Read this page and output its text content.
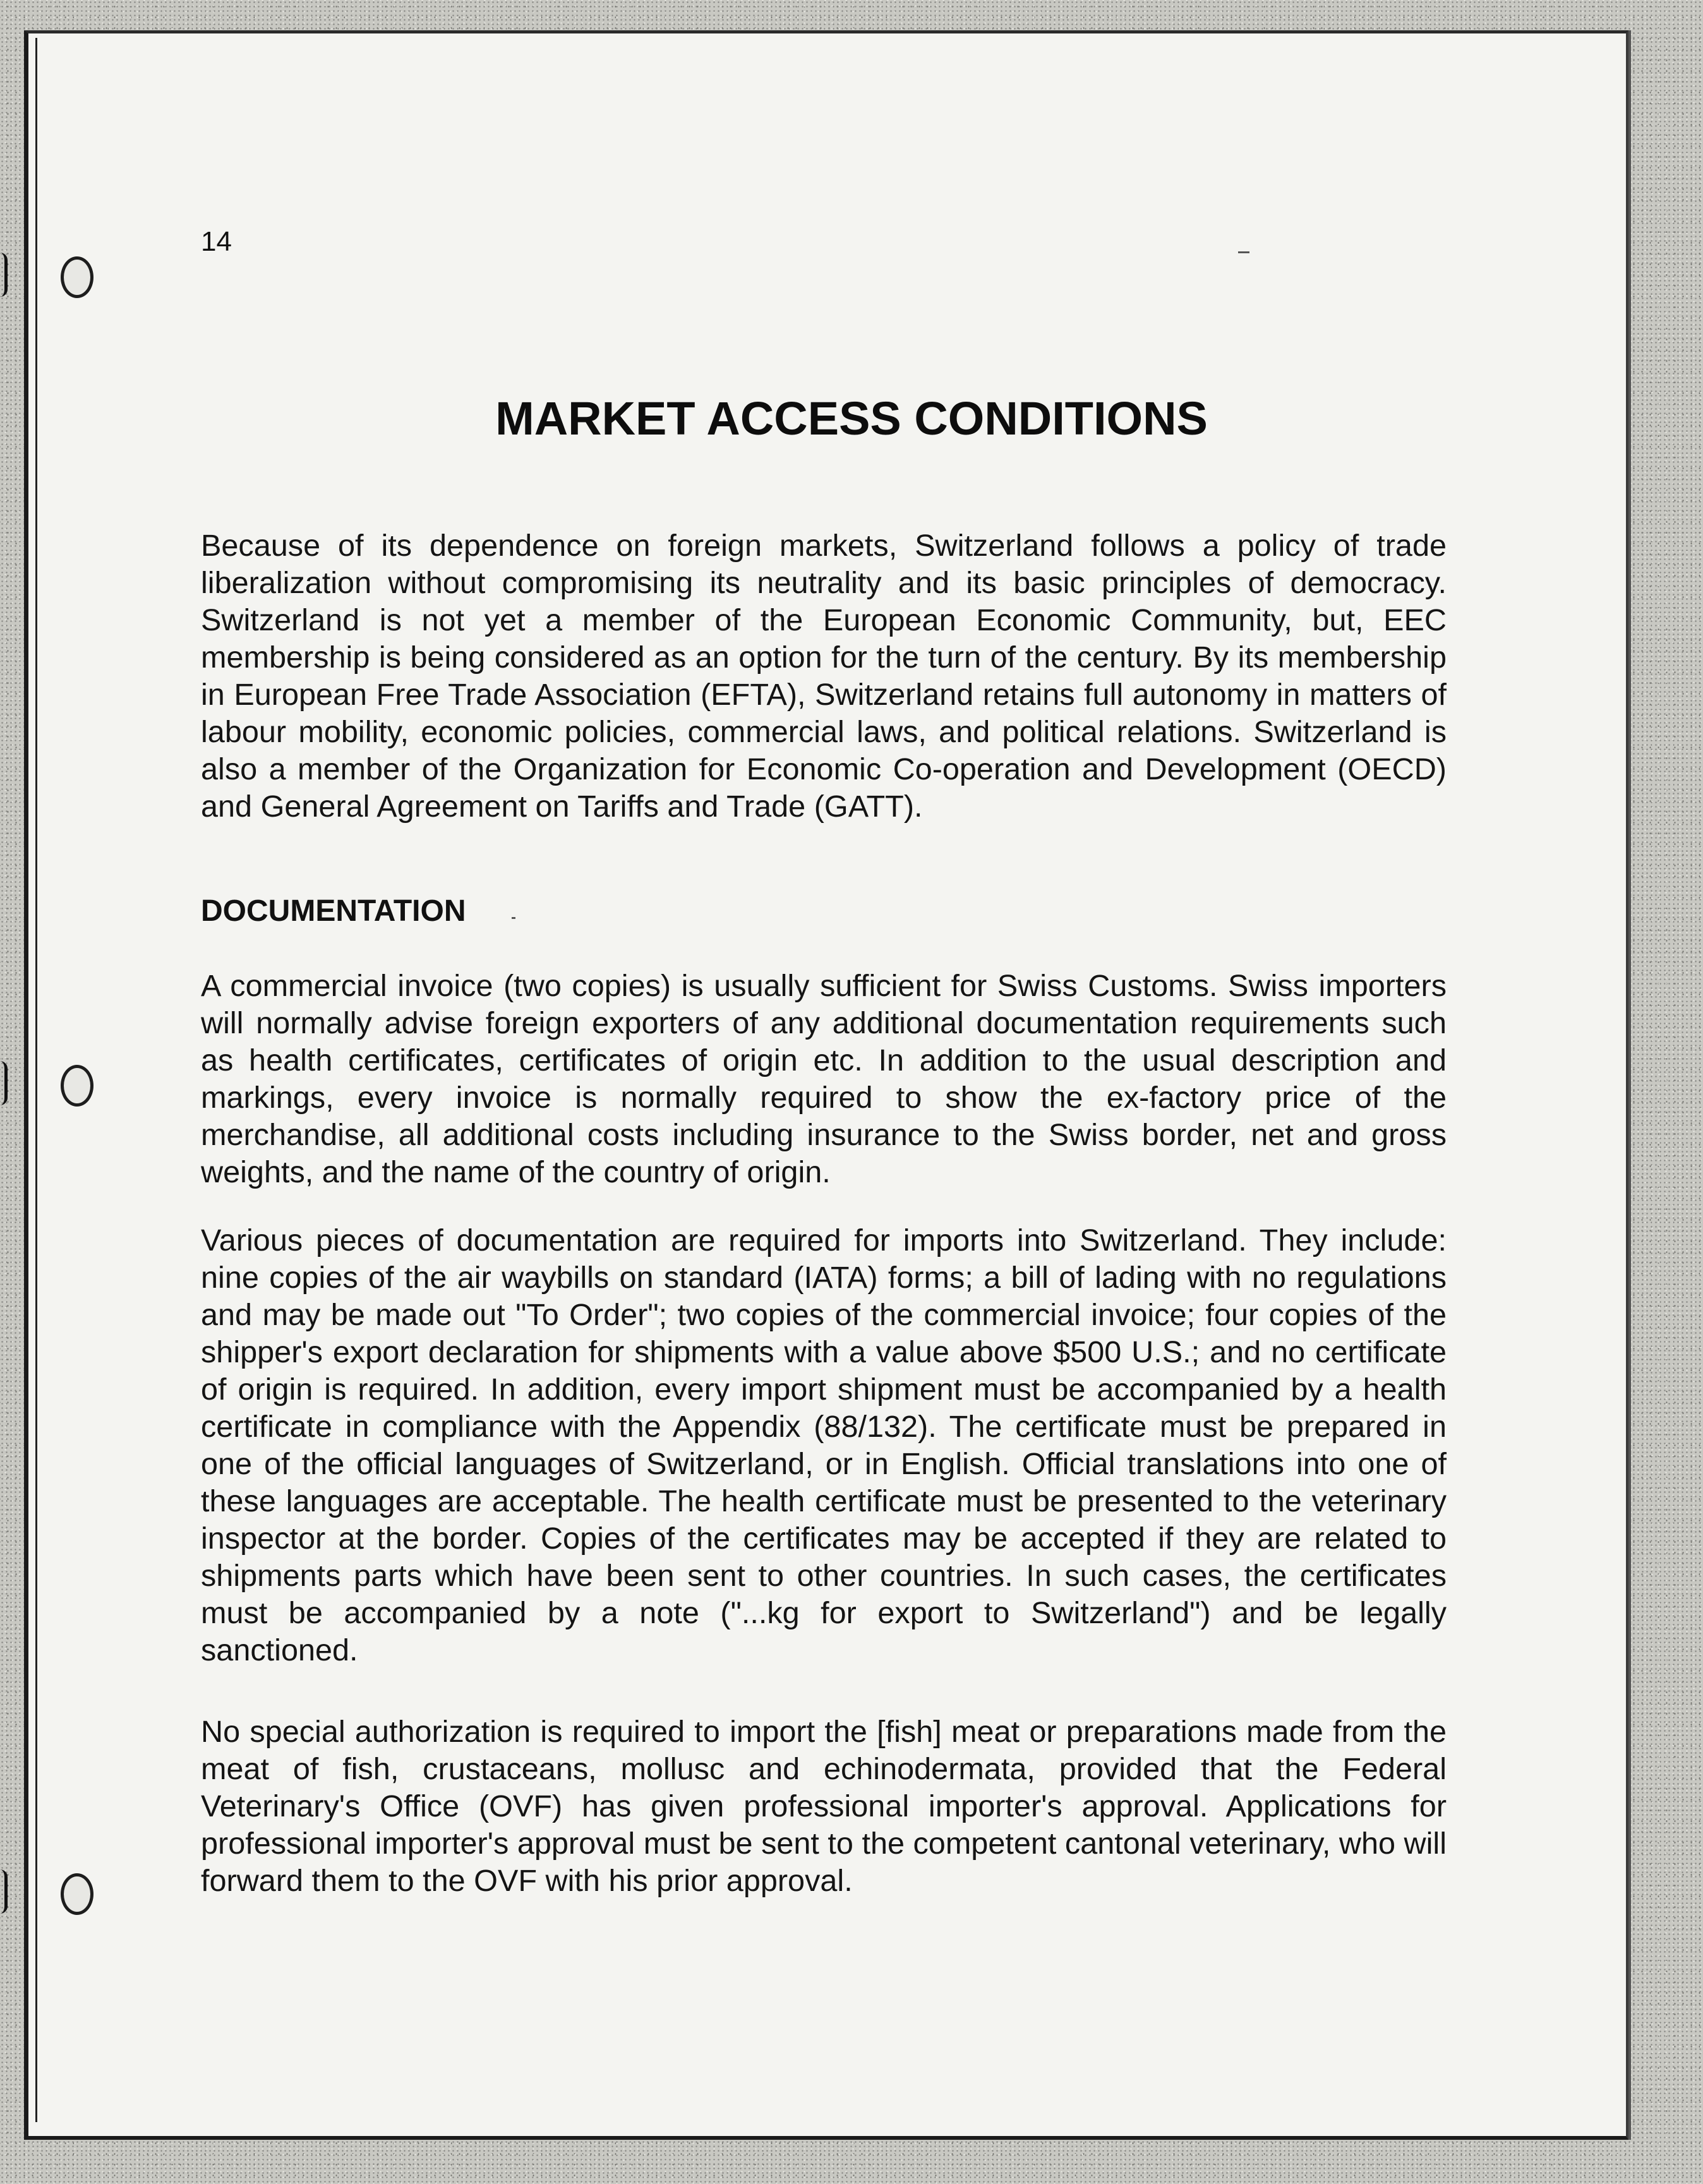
14

MARKET ACCESS CONDITIONS

Because of its dependence on foreign markets, Switzerland follows a policy of trade liberalization without compromising its neutrality and its basic principles of democracy. Switzerland is not yet a member of the European Economic Community, but, EEC membership is being considered as an option for the turn of the century. By its membership in European Free Trade Association (EFTA), Switzerland retains full autonomy in matters of labour mobility, economic policies, commercial laws, and political relations. Switzerland is also a member of the Organization for Economic Co-operation and Development (OECD) and General Agreement on Tariffs and Trade (GATT).

DOCUMENTATION

A commercial invoice (two copies) is usually sufficient for Swiss Customs. Swiss importers will normally advise foreign exporters of any additional documentation requirements such as health certificates, certificates of origin etc. In addition to the usual description and markings, every invoice is normally required to show the ex-factory price of the merchandise, all additional costs including insurance to the Swiss border, net and gross weights, and the name of the country of origin.

Various pieces of documentation are required for imports into Switzerland. They include: nine copies of the air waybills on standard (IATA) forms; a bill of lading with no regulations and may be made out "To Order"; two copies of the commercial invoice; four copies of the shipper's export declaration for shipments with a value above $500 U.S.; and no certificate of origin is required. In addition, every import shipment must be accompanied by a health certificate in compliance with the Appendix (88/132). The certificate must be prepared in one of the official languages of Switzerland, or in English. Official translations into one of these languages are acceptable. The health certificate must be presented to the veterinary inspector at the border. Copies of the certificates may be accepted if they are related to shipments parts which have been sent to other countries. In such cases, the certificates must be accompanied by a note ("...kg for export to Switzerland") and be legally sanctioned.

No special authorization is required to import the [fish] meat or preparations made from the meat of fish, crustaceans, mollusc and echinodermata, provided that the Federal Veterinary's Office (OVF) has given professional importer's approval. Applications for professional importer's approval must be sent to the competent cantonal veterinary, who will forward them to the OVF with his prior approval.
